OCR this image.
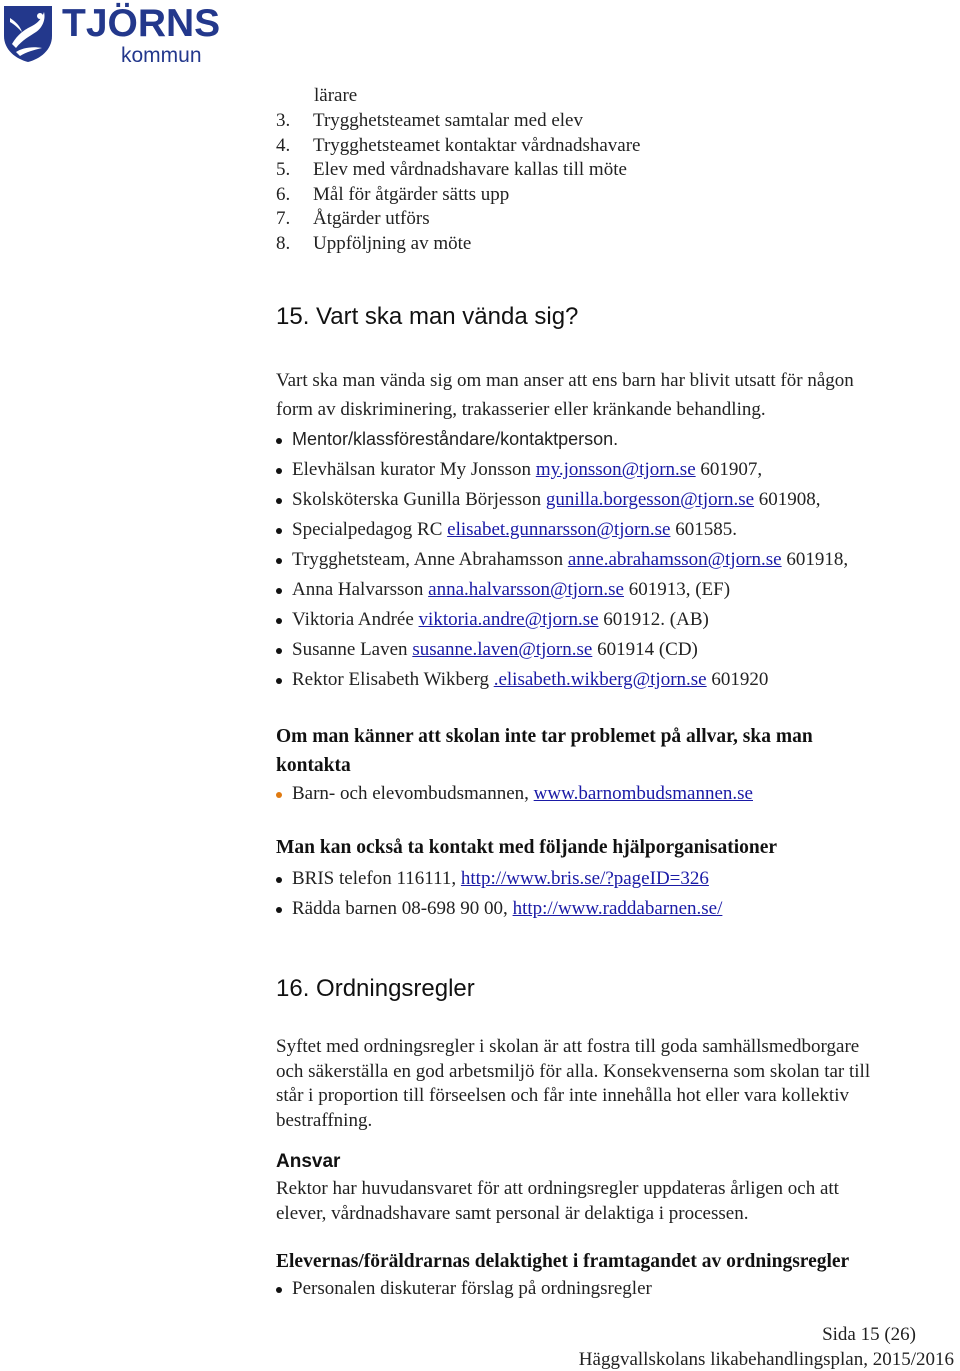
TJÖRNS
kommun
lärare
3. Trygghetsteamet samtalar med elev
4. Trygghetsteamet kontaktar vårdnadshavare
5. Elev med vårdnadshavare kallas till möte
6. Mål för åtgärder sätts upp
7. Åtgärder utförs
8. Uppföljning av möte
15. Vart ska man vända sig?
Vart ska man vända sig om man anser att ens barn har blivit utsatt för någon
form av diskriminering, trakasserier eller kränkande behandling.
Mentor/klassföreståndare/kontaktperson.
Elevhälsan kurator My Jonsson my.jonsson@tjorn.se 601907,
Skolsköterska Gunilla Börjesson gunilla.borgesson@tjorn.se 601908,
Specialpedagog RC elisabet.gunnarsson@tjorn.se 601585.
Trygghetsteam, Anne Abrahamsson anne.abrahamsson@tjorn.se 601918,
Anna Halvarsson anna.halvarsson@tjorn.se 601913, (EF)
Viktoria Andrée viktoria.andre@tjorn.se 601912. (AB)
Susanne Laven susanne.laven@tjorn.se 601914 (CD)
Rektor Elisabeth Wikberg .elisabeth.wikberg@tjorn.se 601920
Om man känner att skolan inte tar problemet på allvar, ska man
kontakta
Barn- och elevombudsmannen, www.barnombudsmannen.se
Man kan också ta kontakt med följande hjälporganisationer
BRIS telefon 116111, http://www.bris.se/?pageID=326
Rädda barnen 08-698 90 00, http://www.raddabarnen.se/
16. Ordningsregler
Syftet med ordningsregler i skolan är att fostra till goda samhällsmedborgare
och säkerställa en god arbetsmiljö för alla. Konsekvenserna som skolan tar till
står i proportion till förseelsen och får inte innehålla hot eller vara kollektiv
bestraffning.
Ansvar
Rektor har huvudansvaret för att ordningsregler uppdateras årligen och att
elever, vårdnadshavare samt personal är delaktiga i processen.
Elevernas/föräldrarnas delaktighet i framtagandet av ordningsregler
Personalen diskuterar förslag på ordningsregler
Sida 15 (26)
Häggvallskolans likabehandlingsplan, 2015/2016
